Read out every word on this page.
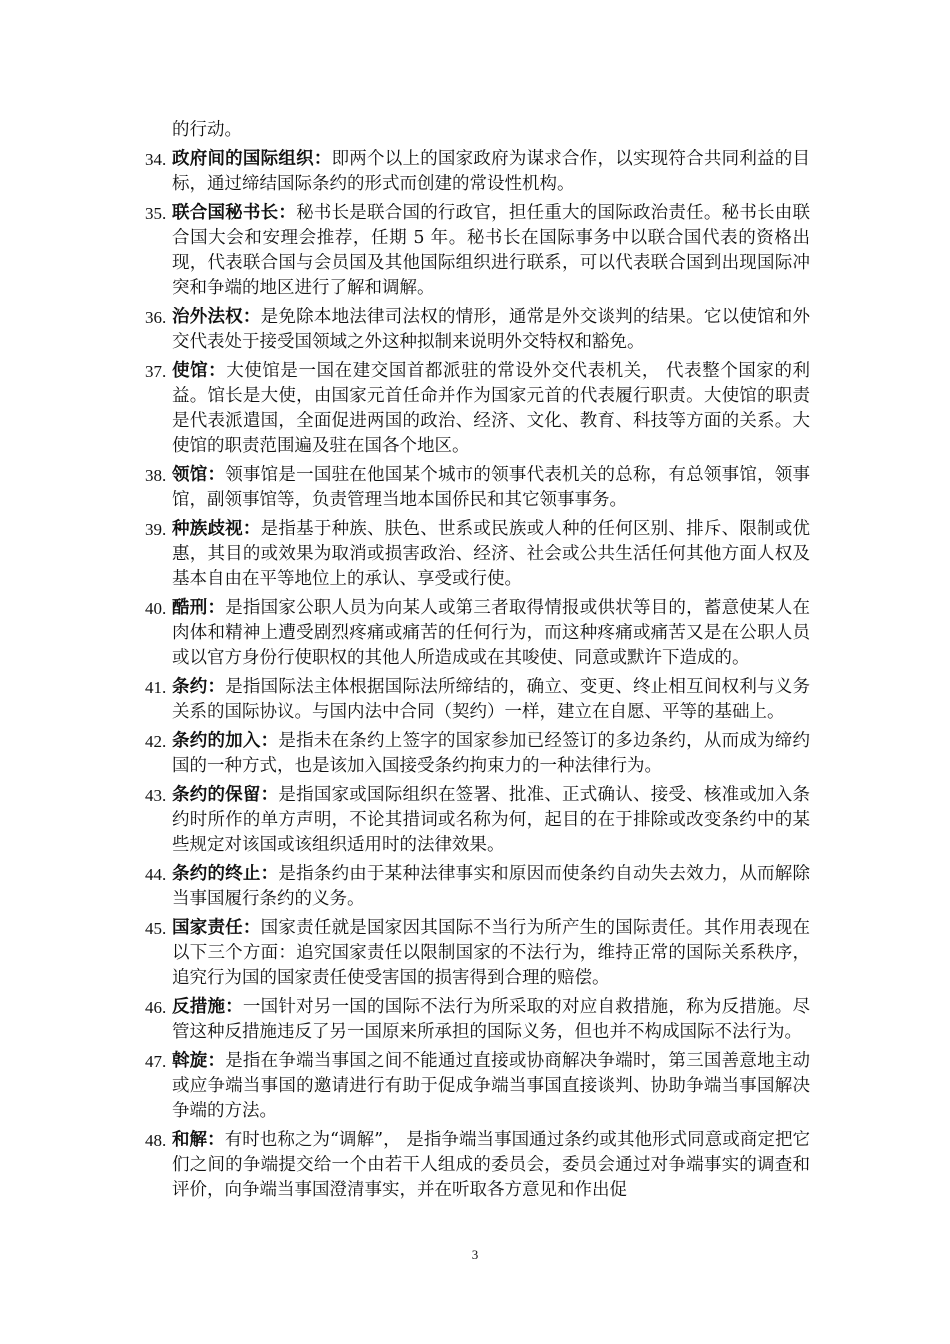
的行动。
34. 政府间的国际组织：即两个以上的国家政府为谋求合作，以实现符合共同利益的目标，通过缔结国际条约的形式而创建的常设性机构。
35. 联合国秘书长：秘书长是联合国的行政官，担任重大的国际政治责任。秘书长由联合国大会和安理会推荐，任期 5 年。秘书长在国际事务中以联合国代表的资格出现，代表联合国与会员国及其他国际组织进行联系，可以代表联合国到出现国际冲突和争端的地区进行了解和调解。
36. 治外法权：是免除本地法律司法权的情形，通常是外交谈判的结果。它以使馆和外交代表处于接受国领域之外这种拟制来说明外交特权和豁免。
37. 使馆：大使馆是一国在建交国首都派驻的常设外交代表机关， 代表整个国家的利益。馆长是大使，由国家元首任命并作为国家元首的代表履行职责。大使馆的职责是代表派遣国，全面促进两国的政治、经济、文化、教育、科技等方面的关系。大使馆的职责范围遍及驻在国各个地区。
38. 领馆：领事馆是一国驻在他国某个城市的领事代表机关的总称，有总领事馆，领事馆，副领事馆等，负责管理当地本国侨民和其它领事事务。
39. 种族歧视：是指基于种族、肤色、世系或民族或人种的任何区别、排斥、限制或优惠，其目的或效果为取消或损害政治、经济、社会或公共生活任何其他方面人权及基本自由在平等地位上的承认、享受或行使。
40. 酷刑：是指国家公职人员为向某人或第三者取得情报或供状等目的，蓄意使某人在肉体和精神上遭受剧烈疼痛或痛苦的任何行为，而这种疼痛或痛苦又是在公职人员或以官方身份行使职权的其他人所造成或在其唆使、同意或默许下造成的。
41. 条约：是指国际法主体根据国际法所缔结的，确立、变更、终止相互间权利与义务关系的国际协议。与国内法中合同（契约）一样，建立在自愿、平等的基础上。
42. 条约的加入：是指未在条约上签字的国家参加已经签订的多边条约，从而成为缔约国的一种方式，也是该加入国接受条约拘束力的一种法律行为。
43. 条约的保留：是指国家或国际组织在签署、批准、正式确认、接受、核准或加入条约时所作的单方声明，不论其措词或名称为何，起目的在于排除或改变条约中的某些规定对该国或该组织适用时的法律效果。
44. 条约的终止：是指条约由于某种法律事实和原因而使条约自动失去效力，从而解除当事国履行条约的义务。
45. 国家责任：国家责任就是国家因其国际不当行为所产生的国际责任。其作用表现在以下三个方面：追究国家责任以限制国家的不法行为，维持正常的国际关系秩序，追究行为国的国家责任使受害国的损害得到合理的赔偿。
46. 反措施：一国针对另一国的国际不法行为所采取的对应自救措施，称为反措施。尽管这种反措施违反了另一国原来所承担的国际义务，但也并不构成国际不法行为。
47. 斡旋：是指在争端当事国之间不能通过直接或协商解决争端时，第三国善意地主动或应争端当事国的邀请进行有助于促成争端当事国直接谈判、协助争端当事国解决争端的方法。
48. 和解：有时也称之为“调解”， 是指争端当事国通过条约或其他形式同意或商定把它们之间的争端提交给一个由若干人组成的委员会，委员会通过对争端事实的调查和评价，向争端当事国澄清事实，并在听取各方意见和作出促
3
